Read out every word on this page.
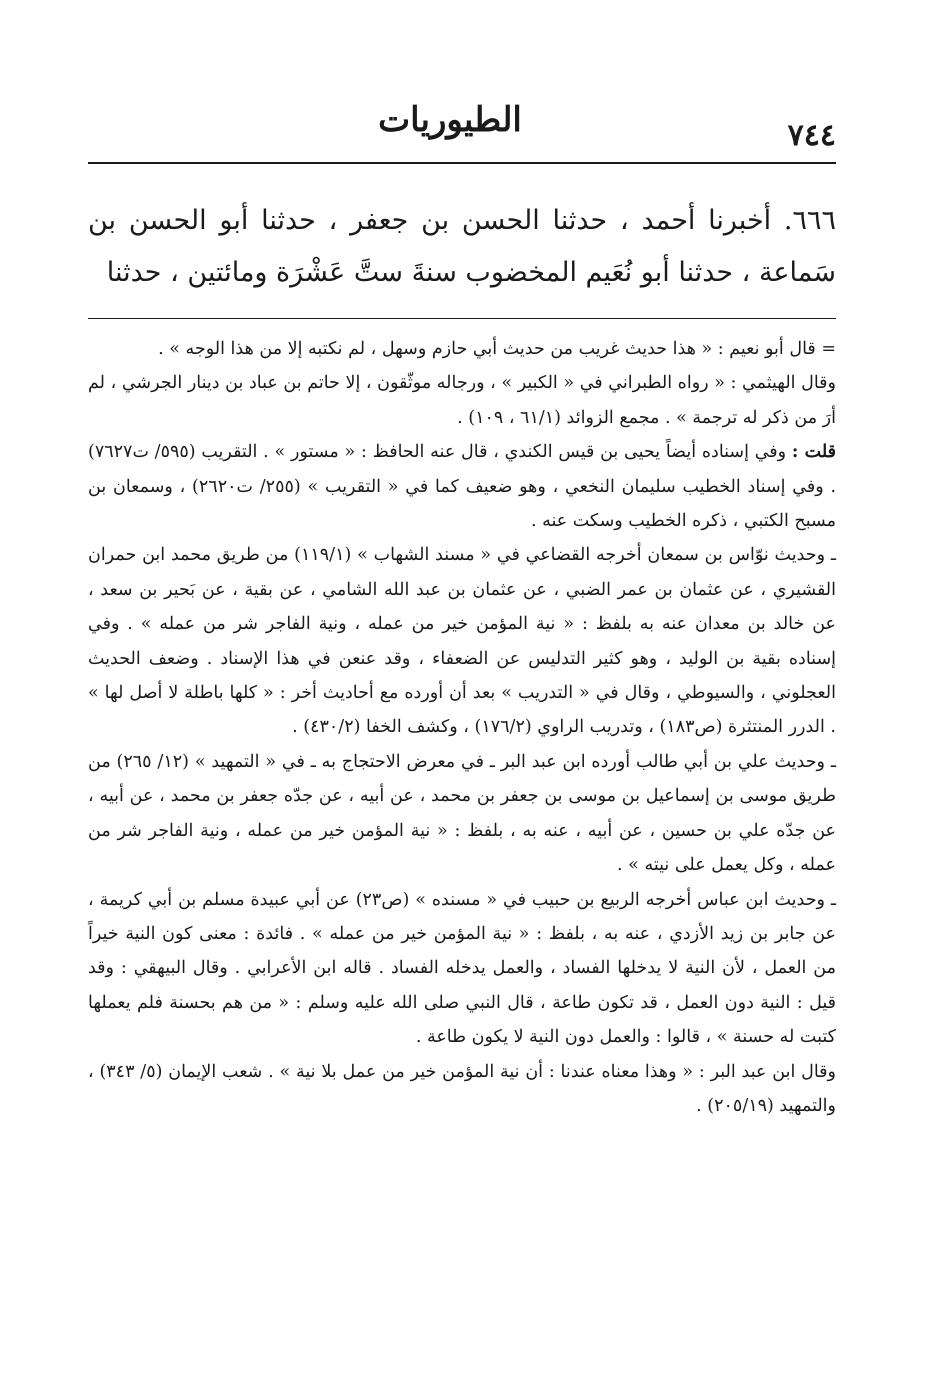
٧٤٤
الطيوريات

٦٦٦. أخبرنا أحمد ، حدثنا الحسن بن جعفر ، حدثنا أبو الحسن بن سَماعة ، حدثنا أبو نُعَيم المخضوب سنةَ ستَّ عَشْرَة ومائتين ، حدثنا

= قال أبو نعيم : « هذا حديث غريب من حديث أبي حازم وسهل ، لم نكتبه إلا من هذا الوجه » .

وقال الهيثمي : « رواه الطبراني في « الكبير » ، ورجاله موثّقون ، إلا حاتم بن عباد بن دينار الجرشي ، لم أرَ من ذكر له ترجمة » . مجمع الزوائد (٦١/١ ، ١٠٩) .

قلت : وفي إسناده أيضاً يحيى بن قيس الكندي ، قال عنه الحافظ : « مستور » . التقريب (٥٩٥/ ت٧٦٢٧) . وفي إسناد الخطيب سليمان النخعي ، وهو ضعيف كما في « التقريب » (٢٥٥/ ت٢٦٢٠) ، وسمعان بن مسبح الكتبي ، ذكره الخطيب وسكت عنه .

ـ وحديث نوّاس بن سمعان أخرجه القضاعي في « مسند الشهاب » (١١٩/١) من طريق محمد ابن حمران القشيري ، عن عثمان بن عمر الضبي ، عن عثمان بن عبد الله الشامي ، عن بقية ، عن بَحير بن سعد ، عن خالد بن معدان عنه به بلفظ : « نية المؤمن خير من عمله ، ونية الفاجر شر من عمله » . وفي إسناده بقية بن الوليد ، وهو كثير التدليس عن الضعفاء ، وقد عنعن في هذا الإسناد . وضعف الحديث العجلوني ، والسيوطي ، وقال في « التدريب » بعد أن أورده مع أحاديث أخر : « كلها باطلة لا أصل لها » . الدرر المنتثرة (ص١٨٣) ، وتدريب الراوي (١٧٦/٢) ، وكشف الخفا (٤٣٠/٢) .

ـ وحديث علي بن أبي طالب أورده ابن عبد البر ـ في معرض الاحتجاج به ـ في « التمهيد » (١٢/ ٢٦٥) من طريق موسى بن إسماعيل بن موسى بن جعفر بن محمد ، عن أبيه ، عن جدّه جعفر بن محمد ، عن أبيه ، عن جدّه علي بن حسين ، عن أبيه ، عنه به ، بلفظ : « نية المؤمن خير من عمله ، ونية الفاجر شر من عمله ، وكل يعمل على نيته » .

ـ وحديث ابن عباس أخرجه الربيع بن حبيب في « مسنده » (ص٢٣) عن أبي عبيدة مسلم بن أبي كريمة ، عن جابر بن زيد الأزدي ، عنه به ، بلفظ : « نية المؤمن خير من عمله » . فائدة : معنى كون النية خيراً من العمل ، لأن النية لا يدخلها الفساد ، والعمل يدخله الفساد . قاله ابن الأعرابي . وقال البيهقي : وقد قيل : النية دون العمل ، قد تكون طاعة ، قال النبي صلى الله عليه وسلم : « من هم بحسنة فلم يعملها كتبت له حسنة » ، قالوا : والعمل دون النية لا يكون طاعة .

وقال ابن عبد البر : « وهذا معناه عندنا : أن نية المؤمن خير من عمل بلا نية » . شعب الإيمان (٥/ ٣٤٣) ، والتمهيد (٢٠٥/١٩) .
